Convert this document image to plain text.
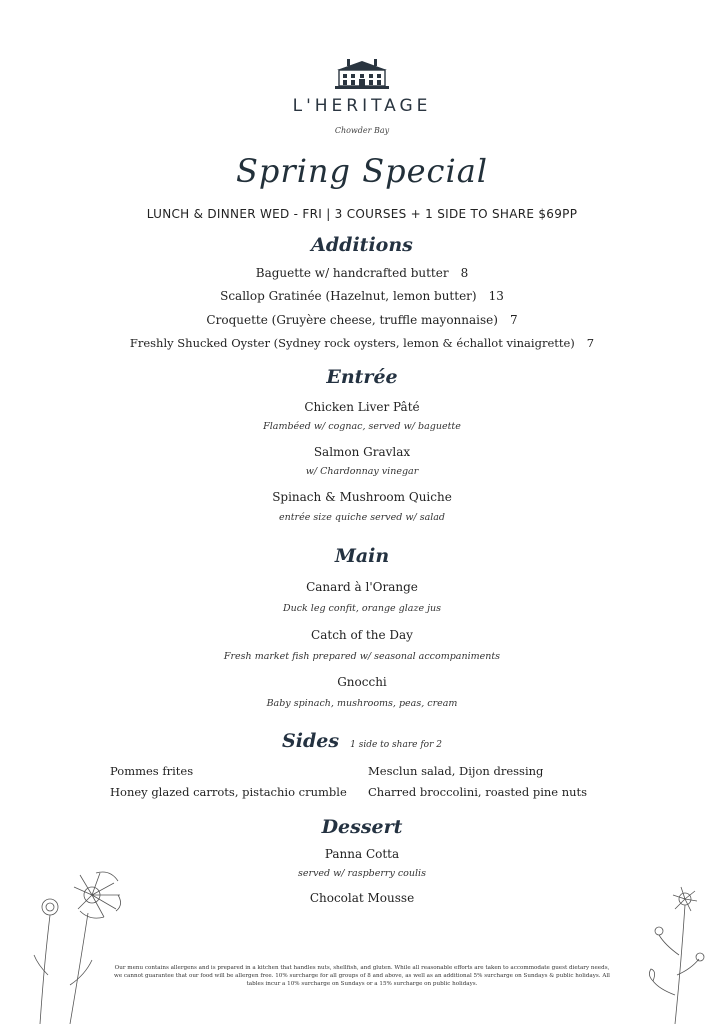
L'HERITAGE
Chowder Bay
Spring Special
LUNCH & DINNER WED - FRI | 3 COURSES + 1 SIDE TO SHARE $69PP
Additions
Baguette w/ handcrafted butter 8
Scallop Gratinée (Hazelnut, lemon butter) 13
Croquette (Gruyère cheese, truffle mayonnaise) 7
Freshly Shucked Oyster (Sydney rock oysters, lemon & échallot vinaigrette) 7
Entrée
Chicken Liver Pâté
Flambéed w/ cognac, served w/ baguette
Salmon Gravlax
w/ Chardonnay vinegar
Spinach & Mushroom Quiche
entrée size quiche served w/ salad
Main
Canard à l'Orange
Duck leg confit, orange glaze jus
Catch of the Day
Fresh market fish prepared w/ seasonal accompaniments
Gnocchi
Baby spinach, mushrooms, peas, cream
Sides 1 side to share for 2
Pommes frites	Mesclun salad, Dijon dressing
Honey glazed carrots, pistachio crumble Charred broccolini, roasted pine nuts
Dessert
Panna Cotta
served w/ raspberry coulis
Chocolat Mousse
Our menu contains allergens and is prepared in a kitchen that handles nuts, shellfish, and gluten. While all reasonable efforts are taken to accommodate guest dietary needs, we cannot guarantee that our food will be allergen free. 10% surcharge for all groups of 8 and above, as well as an additional 5% surcharge on Sundays & public holidays. All tables incur a 10% surcharge on Sundays or a 15% surcharge on public holidays.
